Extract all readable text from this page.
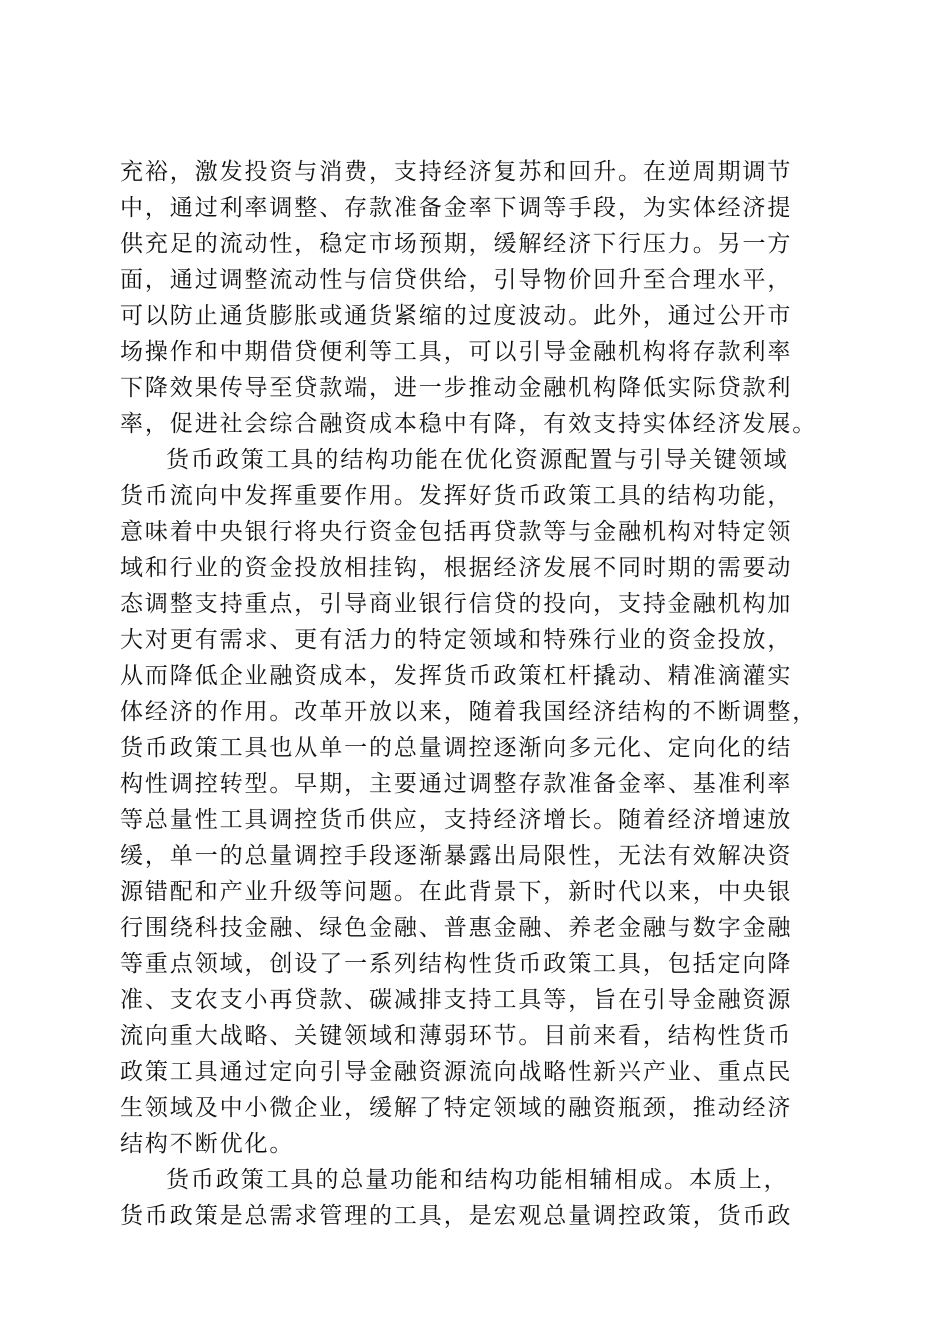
充裕，激发投资与消费，支持经济复苏和回升。在逆周期调节
中，通过利率调整、存款准备金率下调等手段，为实体经济提
供充足的流动性，稳定市场预期，缓解经济下行压力。另一方
面，通过调整流动性与信贷供给，引导物价回升至合理水平，
可以防止通货膨胀或通货紧缩的过度波动。此外，通过公开市
场操作和中期借贷便利等工具，可以引导金融机构将存款利率
下降效果传导至贷款端，进一步推动金融机构降低实际贷款利
率，促进社会综合融资成本稳中有降，有效支持实体经济发展。

货币政策工具的结构功能在优化资源配置与引导关键领域
货币流向中发挥重要作用。发挥好货币政策工具的结构功能，
意味着中央银行将央行资金包括再贷款等与金融机构对特定领
域和行业的资金投放相挂钩，根据经济发展不同时期的需要动
态调整支持重点，引导商业银行信贷的投向，支持金融机构加
大对更有需求、更有活力的特定领域和特殊行业的资金投放，
从而降低企业融资成本，发挥货币政策杠杆撬动、精准滴灌实
体经济的作用。改革开放以来，随着我国经济结构的不断调整，
货币政策工具也从单一的总量调控逐渐向多元化、定向化的结
构性调控转型。早期，主要通过调整存款准备金率、基准利率
等总量性工具调控货币供应，支持经济增长。随着经济增速放
缓，单一的总量调控手段逐渐暴露出局限性，无法有效解决资
源错配和产业升级等问题。在此背景下，新时代以来，中央银
行围绕科技金融、绿色金融、普惠金融、养老金融与数字金融
等重点领域，创设了一系列结构性货币政策工具，包括定向降
准、支农支小再贷款、碳减排支持工具等，旨在引导金融资源
流向重大战略、关键领域和薄弱环节。目前来看，结构性货币
政策工具通过定向引导金融资源流向战略性新兴产业、重点民
生领域及中小微企业，缓解了特定领域的融资瓶颈，推动经济
结构不断优化。

货币政策工具的总量功能和结构功能相辅相成。本质上，
货币政策是总需求管理的工具，是宏观总量调控政策，货币政
